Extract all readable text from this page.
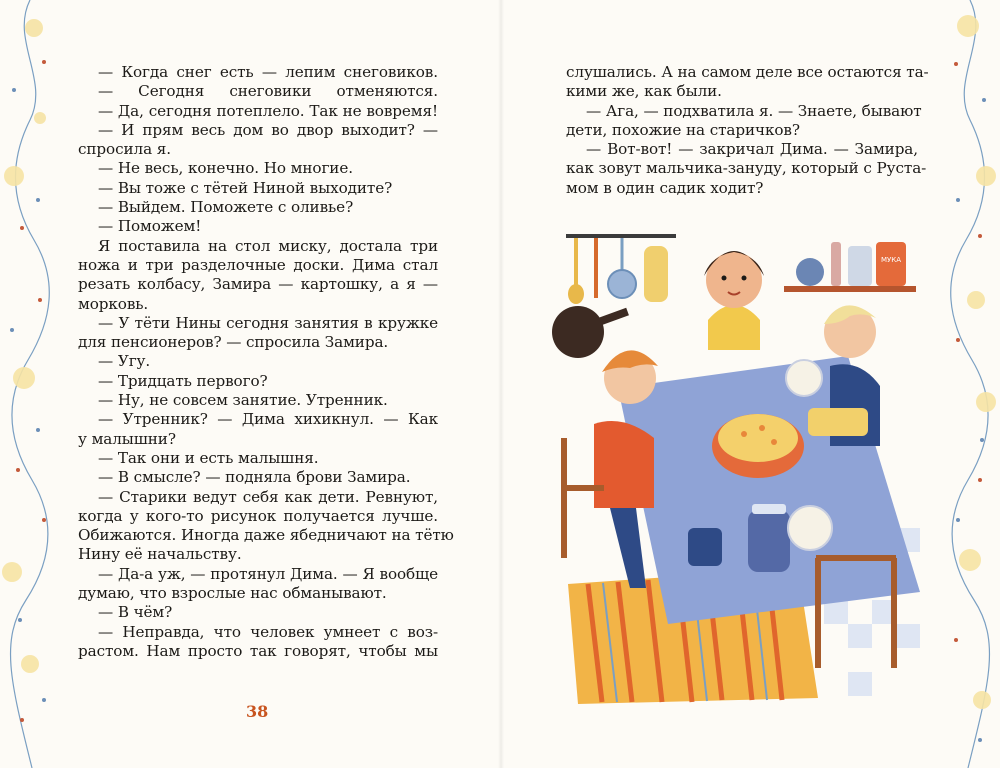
— Когда снег есть — лепим снеговиков.
— Сегодня снеговики отменяются.
— Да, сегодня потеплело. Так не вовремя!
— И прям весь дом во двор выходит? —
спросила я.
— Не весь, конечно. Но многие.
— Вы тоже с тётей Ниной выходите?
— Выйдем. Поможете с оливье?
— Поможем!
Я поставила на стол миску, достала три
ножа и три разделочные доски. Дима стал
резать колбасу, Замира — картошку, а я —
морковь.
— У тёти Нины сегодня занятия в кружке
для пенсионеров? — спросила Замира.
— Угу.
— Тридцать первого?
— Ну, не совсем занятие. Утренник.
— Утренник? — Дима хихикнул. — Как
у малышни?
— Так они и есть малышня.
— В смысле? — подняла брови Замира.
— Старики ведут себя как дети. Ревнуют,
когда у кого-то рисунок получается лучше.
Обижаются. Иногда даже ябедничают на тётю
Нину её начальству.
— Да-а уж, — протянул Дима. — Я вообще
думаю, что взрослые нас обманывают.
— В чём?
— Неправда, что человек умнеет с воз-
растом. Нам просто так говорят, чтобы мы
38
слушались. А на самом деле все остаются та-
кими же, как были.
— Ага, — подхватила я. — Знаете, бывают
дети, похожие на старичков?
— Вот-вот! — закричал Дима. — Замира,
как зовут мальчика-зануду, который с Руста-
мом в один садик ходит?
МУКА
